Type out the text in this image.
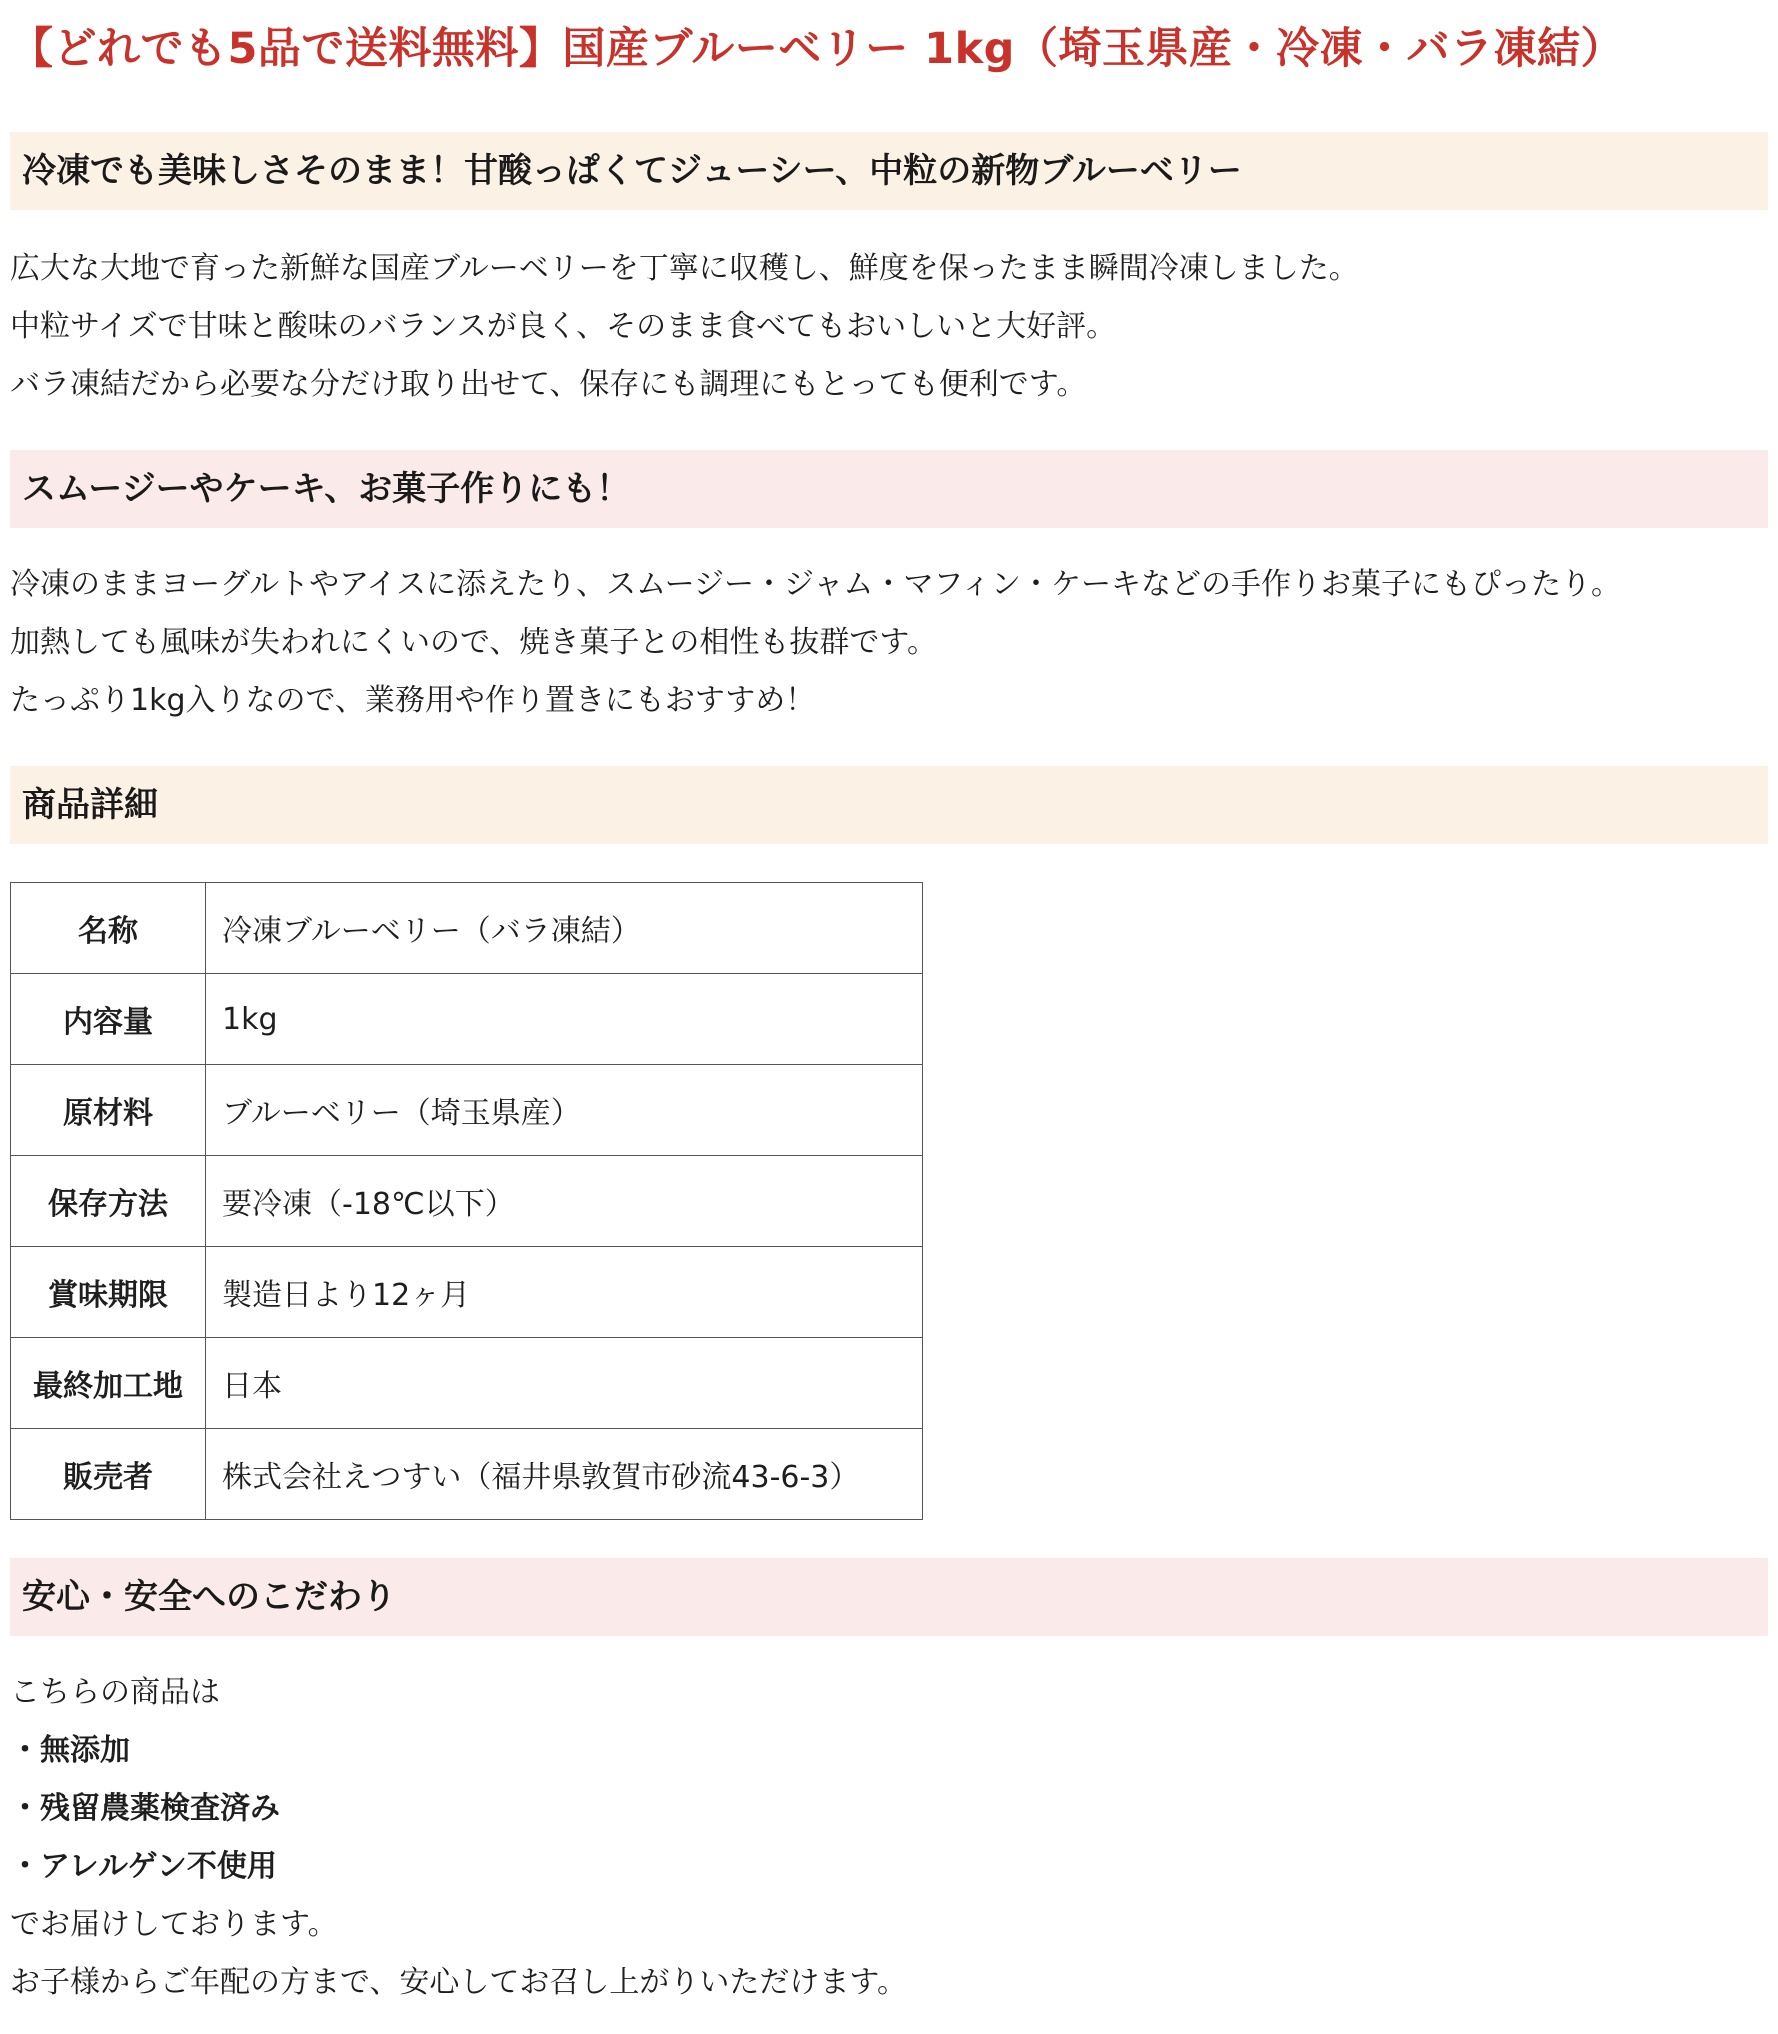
【どれでも5品で送料無料】国産ブルーベリー 1kg（埼玉県産・冷凍・バラ凍結）
冷凍でも美味しさそのまま！甘酸っぱくてジューシー、中粒の新物ブルーベリー
広大な大地で育った新鮮な国産ブルーベリーを丁寧に収穫し、鮮度を保ったまま瞬間冷凍しました。
中粒サイズで甘味と酸味のバランスが良く、そのまま食べてもおいしいと大好評。
バラ凍結だから必要な分だけ取り出せて、保存にも調理にもとっても便利です。
スムージーやケーキ、お菓子作りにも！
冷凍のままヨーグルトやアイスに添えたり、スムージー・ジャム・マフィン・ケーキなどの手作りお菓子にもぴったり。
加熱しても風味が失われにくいので、焼き菓子との相性も抜群です。
たっぷり1kg入りなので、業務用や作り置きにもおすすめ！
商品詳細
名称	冷凍ブルーベリー（バラ凍結）
内容量	1kg
原材料	ブルーベリー（埼玉県産）
保存方法	要冷凍（-18℃以下）
賞味期限	製造日より12ヶ月
最終加工地	日本
販売者	株式会社えつすい（福井県敦賀市砂流43-6-3）
安心・安全へのこだわり
こちらの商品は
・無添加
・残留農薬検査済み
・アレルゲン不使用
でお届けしております。
お子様からご年配の方まで、安心してお召し上がりいただけます。
